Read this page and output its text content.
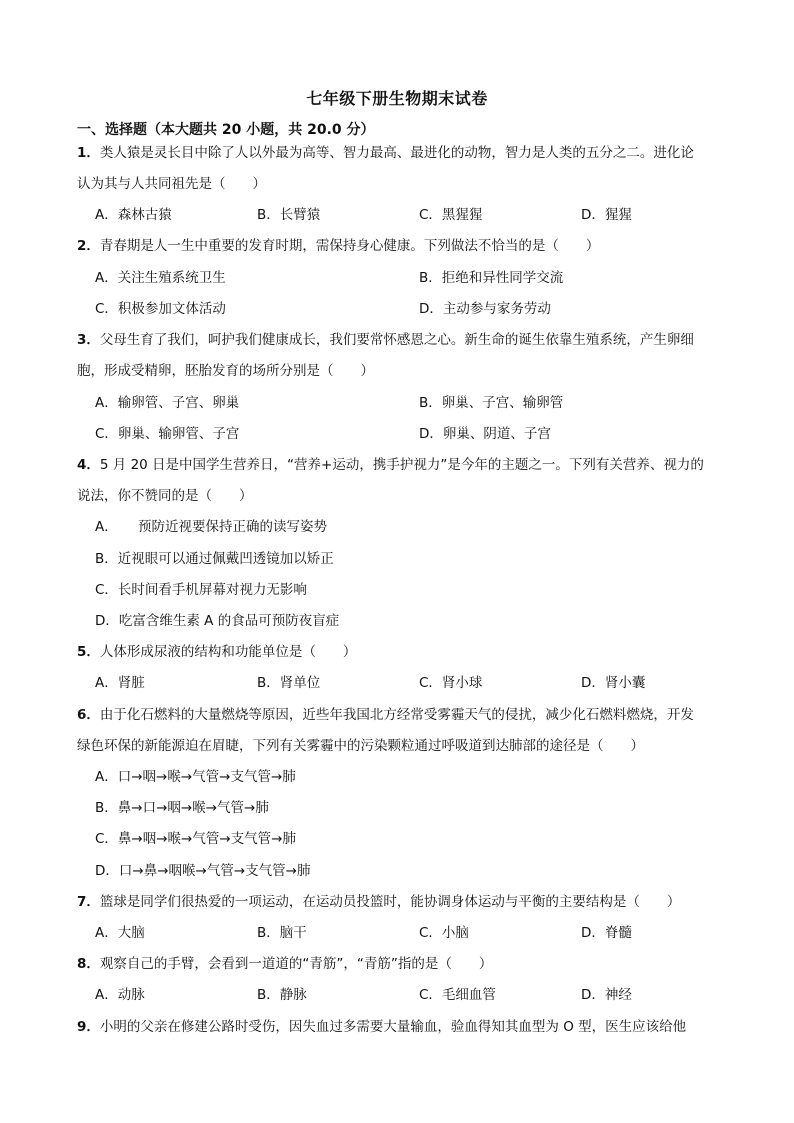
七年级下册生物期末试卷
一、选择题（本大题共 20 小题，共 20.0 分）
1．类人猿是灵长目中除了人以外最为高等、智力最高、最进化的动物，智力是人类的五分之二。进化论
认为其与人共同祖先是（　　）
A．森林古猿	B．长臂猿	C．黑猩猩	D．猩猩
2．青春期是人一生中重要的发育时期，需保持身心健康。下列做法不恰当的是（　　）
A．关注生殖系统卫生	B．拒绝和异性同学交流
C．积极参加文体活动	D．主动参与家务劳动
3．父母生育了我们，呵护我们健康成长，我们要常怀感恩之心。新生命的诞生依靠生殖系统，产生卵细
胞，形成受精卵，胚胎发育的场所分别是（　　）
A．输卵管、子宫、卵巢	B．卵巢、子宫、输卵管
C．卵巢、输卵管、子宫	D．卵巢、阴道、子宫
4．5 月 20 日是中国学生营养日，“营养+运动，携手护视力”是今年的主题之一。下列有关营养、视力的
说法，你不赞同的是（　　）
A．　　预防近视要保持正确的读写姿势
B．近视眼可以通过佩戴凹透镜加以矫正
C．长时间看手机屏幕对视力无影响
D．吃富含维生素 A 的食品可预防夜盲症
5．人体形成尿液的结构和功能单位是（　　）
A．肾脏	B．肾单位	C．肾小球	D．肾小囊
6．由于化石燃料的大量燃烧等原因，近些年我国北方经常受雾霾天气的侵扰，减少化石燃料燃烧，开发
绿色环保的新能源迫在眉睫，下列有关雾霾中的污染颗粒通过呼吸道到达肺部的途径是（　　）
A．口→咽→喉→气管→支气管→肺
B．鼻→口→咽→喉→气管→肺
C．鼻→咽→喉→气管→支气管→肺
D．口→鼻→咽喉→气管→支气管→肺
7．篮球是同学们很热爱的一项运动，在运动员投篮时，能协调身体运动与平衡的主要结构是（　　）
A．大脑	B．脑干	C．小脑	D．脊髓
8．观察自己的手臂，会看到一道道的“青筋”，“青筋”指的是（　　）
A．动脉	B．静脉	C．毛细血管	D．神经
9．小明的父亲在修建公路时受伤，因失血过多需要大量输血，验血得知其血型为 O 型，医生应该给他
